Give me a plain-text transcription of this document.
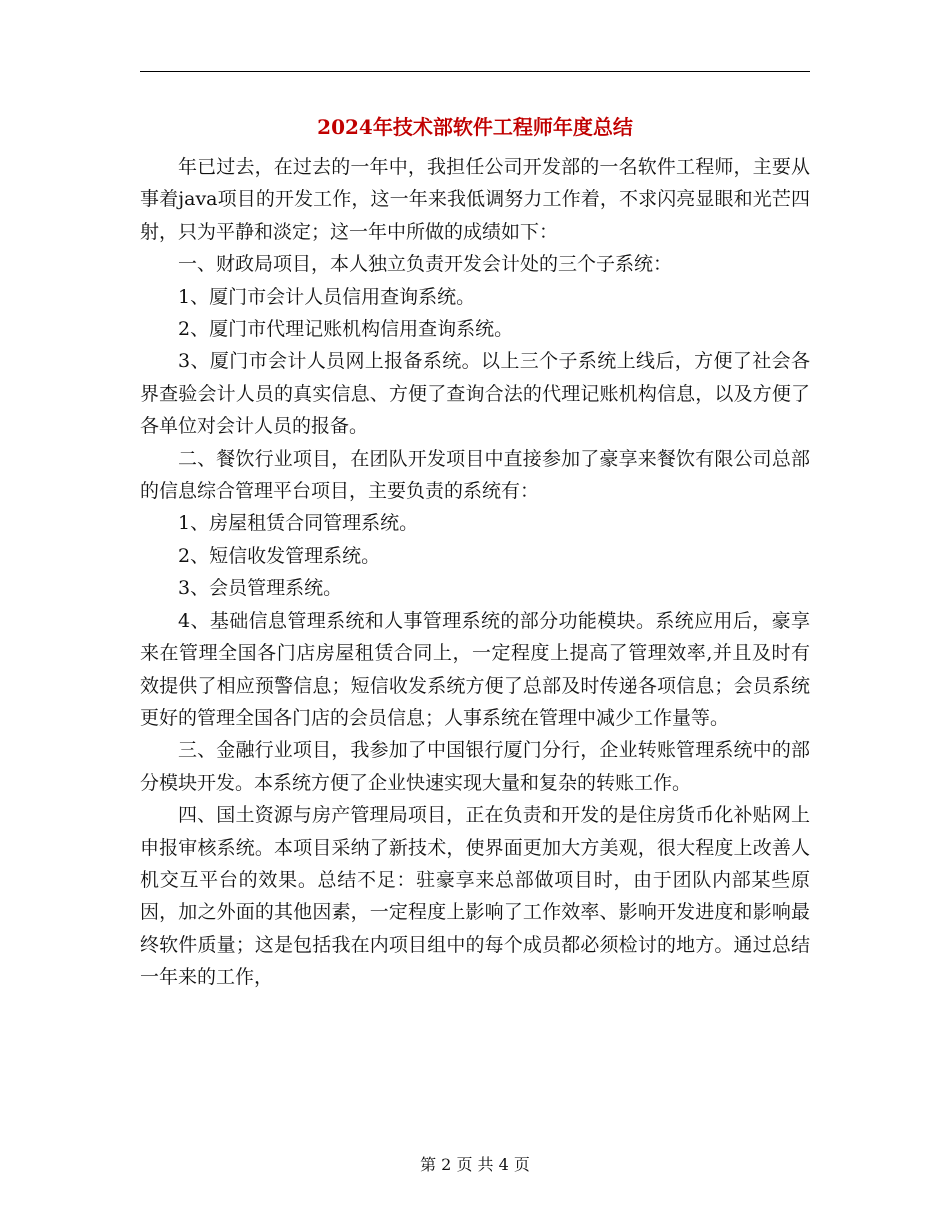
2024年技术部软件工程师年度总结

年已过去，在过去的一年中，我担任公司开发部的一名软件工程师，主要从事着java项目的开发工作，这一年来我低调努力工作着，不求闪亮显眼和光芒四射，只为平静和淡定；这一年中所做的成绩如下：

一、财政局项目，本人独立负责开发会计处的三个子系统：

1、厦门市会计人员信用查询系统。

2、厦门市代理记账机构信用查询系统。

3、厦门市会计人员网上报备系统。以上三个子系统上线后，方便了社会各界查验会计人员的真实信息、方便了查询合法的代理记账机构信息，以及方便了各单位对会计人员的报备。

二、餐饮行业项目，在团队开发项目中直接参加了豪享来餐饮有限公司总部的信息综合管理平台项目，主要负责的系统有：

1、房屋租赁合同管理系统。

2、短信收发管理系统。

3、会员管理系统。

4、基础信息管理系统和人事管理系统的部分功能模块。系统应用后，豪享来在管理全国各门店房屋租赁合同上，一定程度上提高了管理效率,并且及时有效提供了相应预警信息；短信收发系统方便了总部及时传递各项信息；会员系统更好的管理全国各门店的会员信息；人事系统在管理中减少工作量等。

三、金融行业项目，我参加了中国银行厦门分行，企业转账管理系统中的部分模块开发。本系统方便了企业快速实现大量和复杂的转账工作。

四、国土资源与房产管理局项目，正在负责和开发的是住房货币化补贴网上申报审核系统。本项目采纳了新技术，使界面更加大方美观，很大程度上改善人机交互平台的效果。总结不足：驻豪享来总部做项目时，由于团队内部某些原因，加之外面的其他因素，一定程度上影响了工作效率、影响开发进度和影响最终软件质量；这是包括我在内项目组中的每个成员都必须检讨的地方。通过总结一年来的工作，

第 2 页 共 4 页
